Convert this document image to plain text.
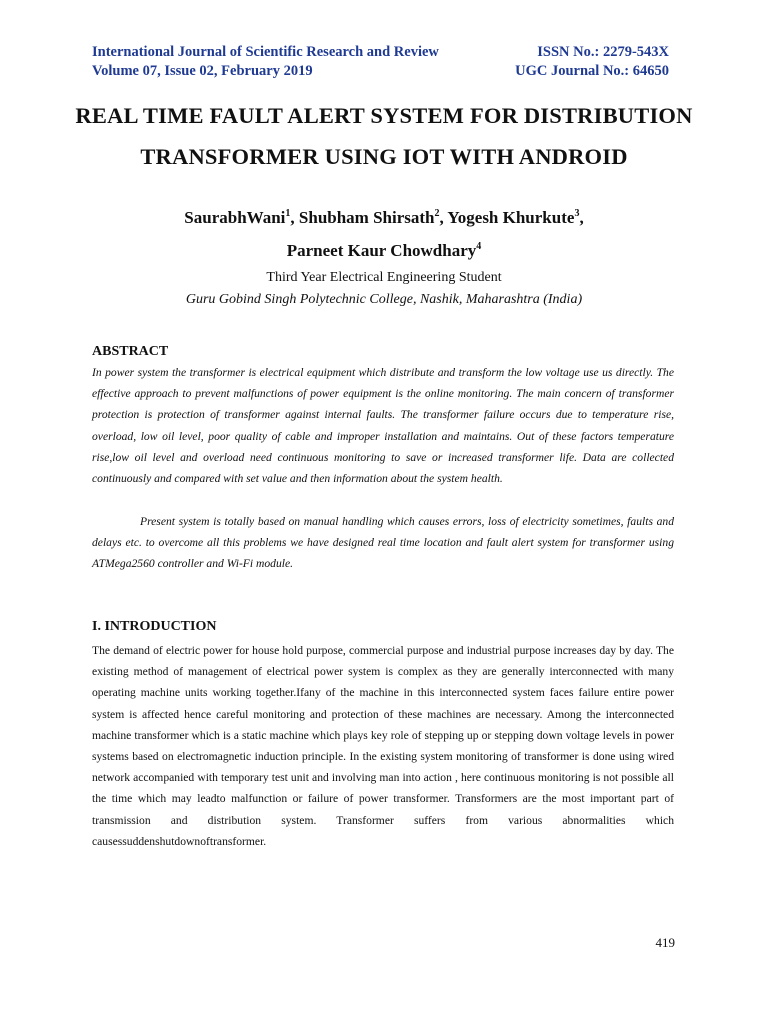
International Journal of Scientific Research and Review	ISSN No.: 2279-543X
Volume 07, Issue 02, February 2019	UGC Journal No.: 64650
REAL TIME FAULT ALERT SYSTEM FOR DISTRIBUTION TRANSFORMER USING IOT WITH ANDROID
SaurabhWani$^1$, Shubham Shirsath$^2$, Yogesh Khurkute$^3$,
Parneet Kaur Chowdhary$^4$
Third Year Electrical Engineering Student
Guru Gobind Singh Polytechnic College, Nashik, Maharashtra (India)
ABSTRACT
In power system the transformer is electrical equipment which distribute and transform the low voltage use us directly. The effective approach to prevent malfunctions of power equipment is the online monitoring. The main concern of transformer protection is protection of transformer against internal faults. The transformer failure occurs due to temperature rise, overload, low oil level, poor quality of cable and improper installation and maintains. Out of these factors temperature rise,low oil level and overload need continuous monitoring to save or increased transformer life. Data are collected continuously and compared with set value and then information about the system health.
Present system is totally based on manual handling which causes errors, loss of electricity sometimes, faults and delays etc. to overcome all this problems we have designed real time location and fault alert system for transformer using ATMega2560 controller and Wi-Fi module.
I. INTRODUCTION
The demand of electric power for house hold purpose, commercial purpose and industrial purpose increases day by day. The existing method of management of electrical power system is complex as they are generally interconnected with many operating machine units working together.Ifany of the machine in this interconnected system faces failure entire power system is affected hence careful monitoring and protection of these machines are necessary. Among the interconnected machine transformer which is a static machine which plays key role of stepping up or stepping down voltage levels in power systems based on electromagnetic induction principle. In the existing system monitoring of transformer is done using wired network accompanied with temporary test unit and involving man into action , here continuous monitoring is not possible all the time which may leadto malfunction or failure of power transformer. Transformers are the most important part of transmission and distribution system. Transformer suffers from various abnormalities which causessuddenshutdownoftransformer.
419
